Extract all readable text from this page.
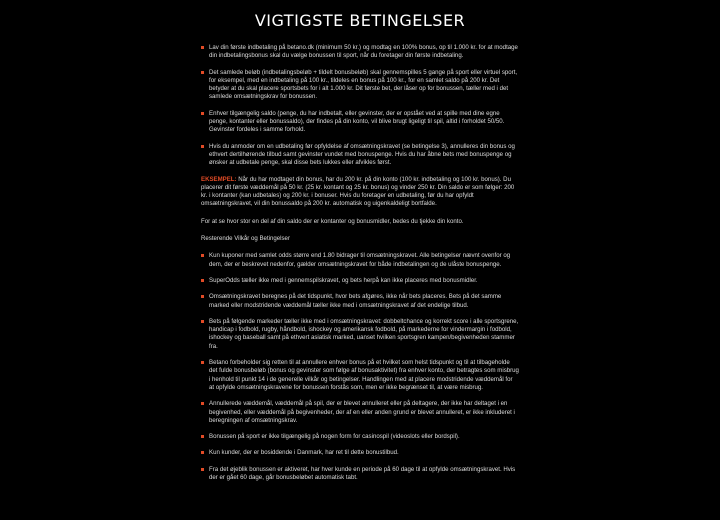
VIGTIGSTE BETINGELSER
Lav din første indbetaling på betano.dk (minimum 50 kr.) og modtag en 100% bonus, op til 1.000 kr. for at modtage din indbetalingsbonus skal du vælge bonussen til sport, når du foretager din første indbetaling.
Det samlede beløb (indbetalingsbeløb + tildelt bonusbeløb) skal gennemspilles 5 gange på sport eller virtuel sport, for eksempel, med en indbetaling på 100 kr., tildeles en bonus på 100 kr., for en samlet saldo på 200 kr. Det betyder at du skal placere sportsbets for i alt 1.000 kr. Dit første bet, der låser op for bonussen, tæller med i det samlede omsætningskrav for bonussen.
Enhver tilgængelig saldo (penge, du har indbetalt, eller gevinster, der er opstået ved at spille med dine egne penge, kontanter eller bonussaldo), der findes på din konto, vil blive brugt ligeligt til spil, altid i forholdet 50/50. Gevinster fordeles i samme forhold.
Hvis du anmoder om en udbetaling før opfyldelse af omsætningskravet (se betingelse 3), annulleres din bonus og ethvert dertilhørende tilbud samt gevinster vundet med bonuspenge. Hvis du har åbne bets med bonuspenge og ønsker at udbetale penge, skal disse bets lukkes eller afvikles først.

EKSEMPEL: Når du har modtaget din bonus, har du 200 kr. på din konto (100 kr. indbetaling og 100 kr. bonus). Du placerer dit første væddemål på 50 kr. (25 kr. kontant og 25 kr. bonus) og vinder 250 kr. Din saldo er som følger: 200 kr. i kontanter (kan udbetales) og 200 kr. i bonuser. Hvis du foretager en udbetaling, før du har opfyldt omsætningskravet, vil din bonussaldo på 200 kr. automatisk og uigenkaldeligt bortfalde.

For at se hvor stor en del af din saldo der er kontanter og bonusmidler, bedes du tjekke din konto.

Resterende Vilkår og Betingelser

Kun kuponer med samlet odds større end 1.80 bidrager til omsætningskravet. Alle betingelser nævnt ovenfor og dem, der er beskrevet nedenfor, gælder omsætningskravet for både indbetalingen og de ulåste bonuspenge.
SuperOdds tæller ikke med i gennemspilskravet, og bets herpå kan ikke placeres med bonusmidler.
Omsætningskravet beregnes på det tidspunkt, hvor bets afgøres, ikke når bets placeres. Bets på det samme marked eller modstridende væddemål tæller ikke med i omsætningskravet af det endelige tilbud.
Bets på følgende markeder tæller ikke med i omsætningskravet: dobbeltchance og korrekt score i alle sportsgrene, handicap i fodbold, rugby, håndbold, ishockey og amerikansk fodbold, på markederne for vindermargin i fodbold, ishockey og baseball samt på ethvert asiatisk marked, uanset hvilken sportsgren kampen/begivenheden stammer fra.
Betano forbeholder sig retten til at annullere enhver bonus på et hvilket som helst tidspunkt og til at tilbageholde det fulde bonusbeløb (bonus og gevinster som følge af bonusaktivitet) fra enhver konto, der betragtes som misbrug i henhold til punkt 14 i de generelle vilkår og betingelser. Handlingen med at placere modstridende væddemål for at opfylde omsætningskravene for bonussen forstås som, men er ikke begrænset til, at være misbrug.
Annullerede væddemål, væddemål på spil, der er blevet annulleret eller på deltagere, der ikke har deltaget i en begivenhed, eller væddemål på begivenheder, der af en eller anden grund er blevet annulleret, er ikke inkluderet i beregningen af omsætningskrav.
Bonussen på sport er ikke tilgængelig på nogen form for casinospil (videoslots eller bordspil).
Kun kunder, der er bosiddende i Danmark, har ret til dette bonustilbud.
Fra det øjeblik bonussen er aktiveret, har hver kunde en periode på 60 dage til at opfylde omsætningskravet. Hvis der er gået 60 dage, går bonusbeløbet automatisk tabt.
